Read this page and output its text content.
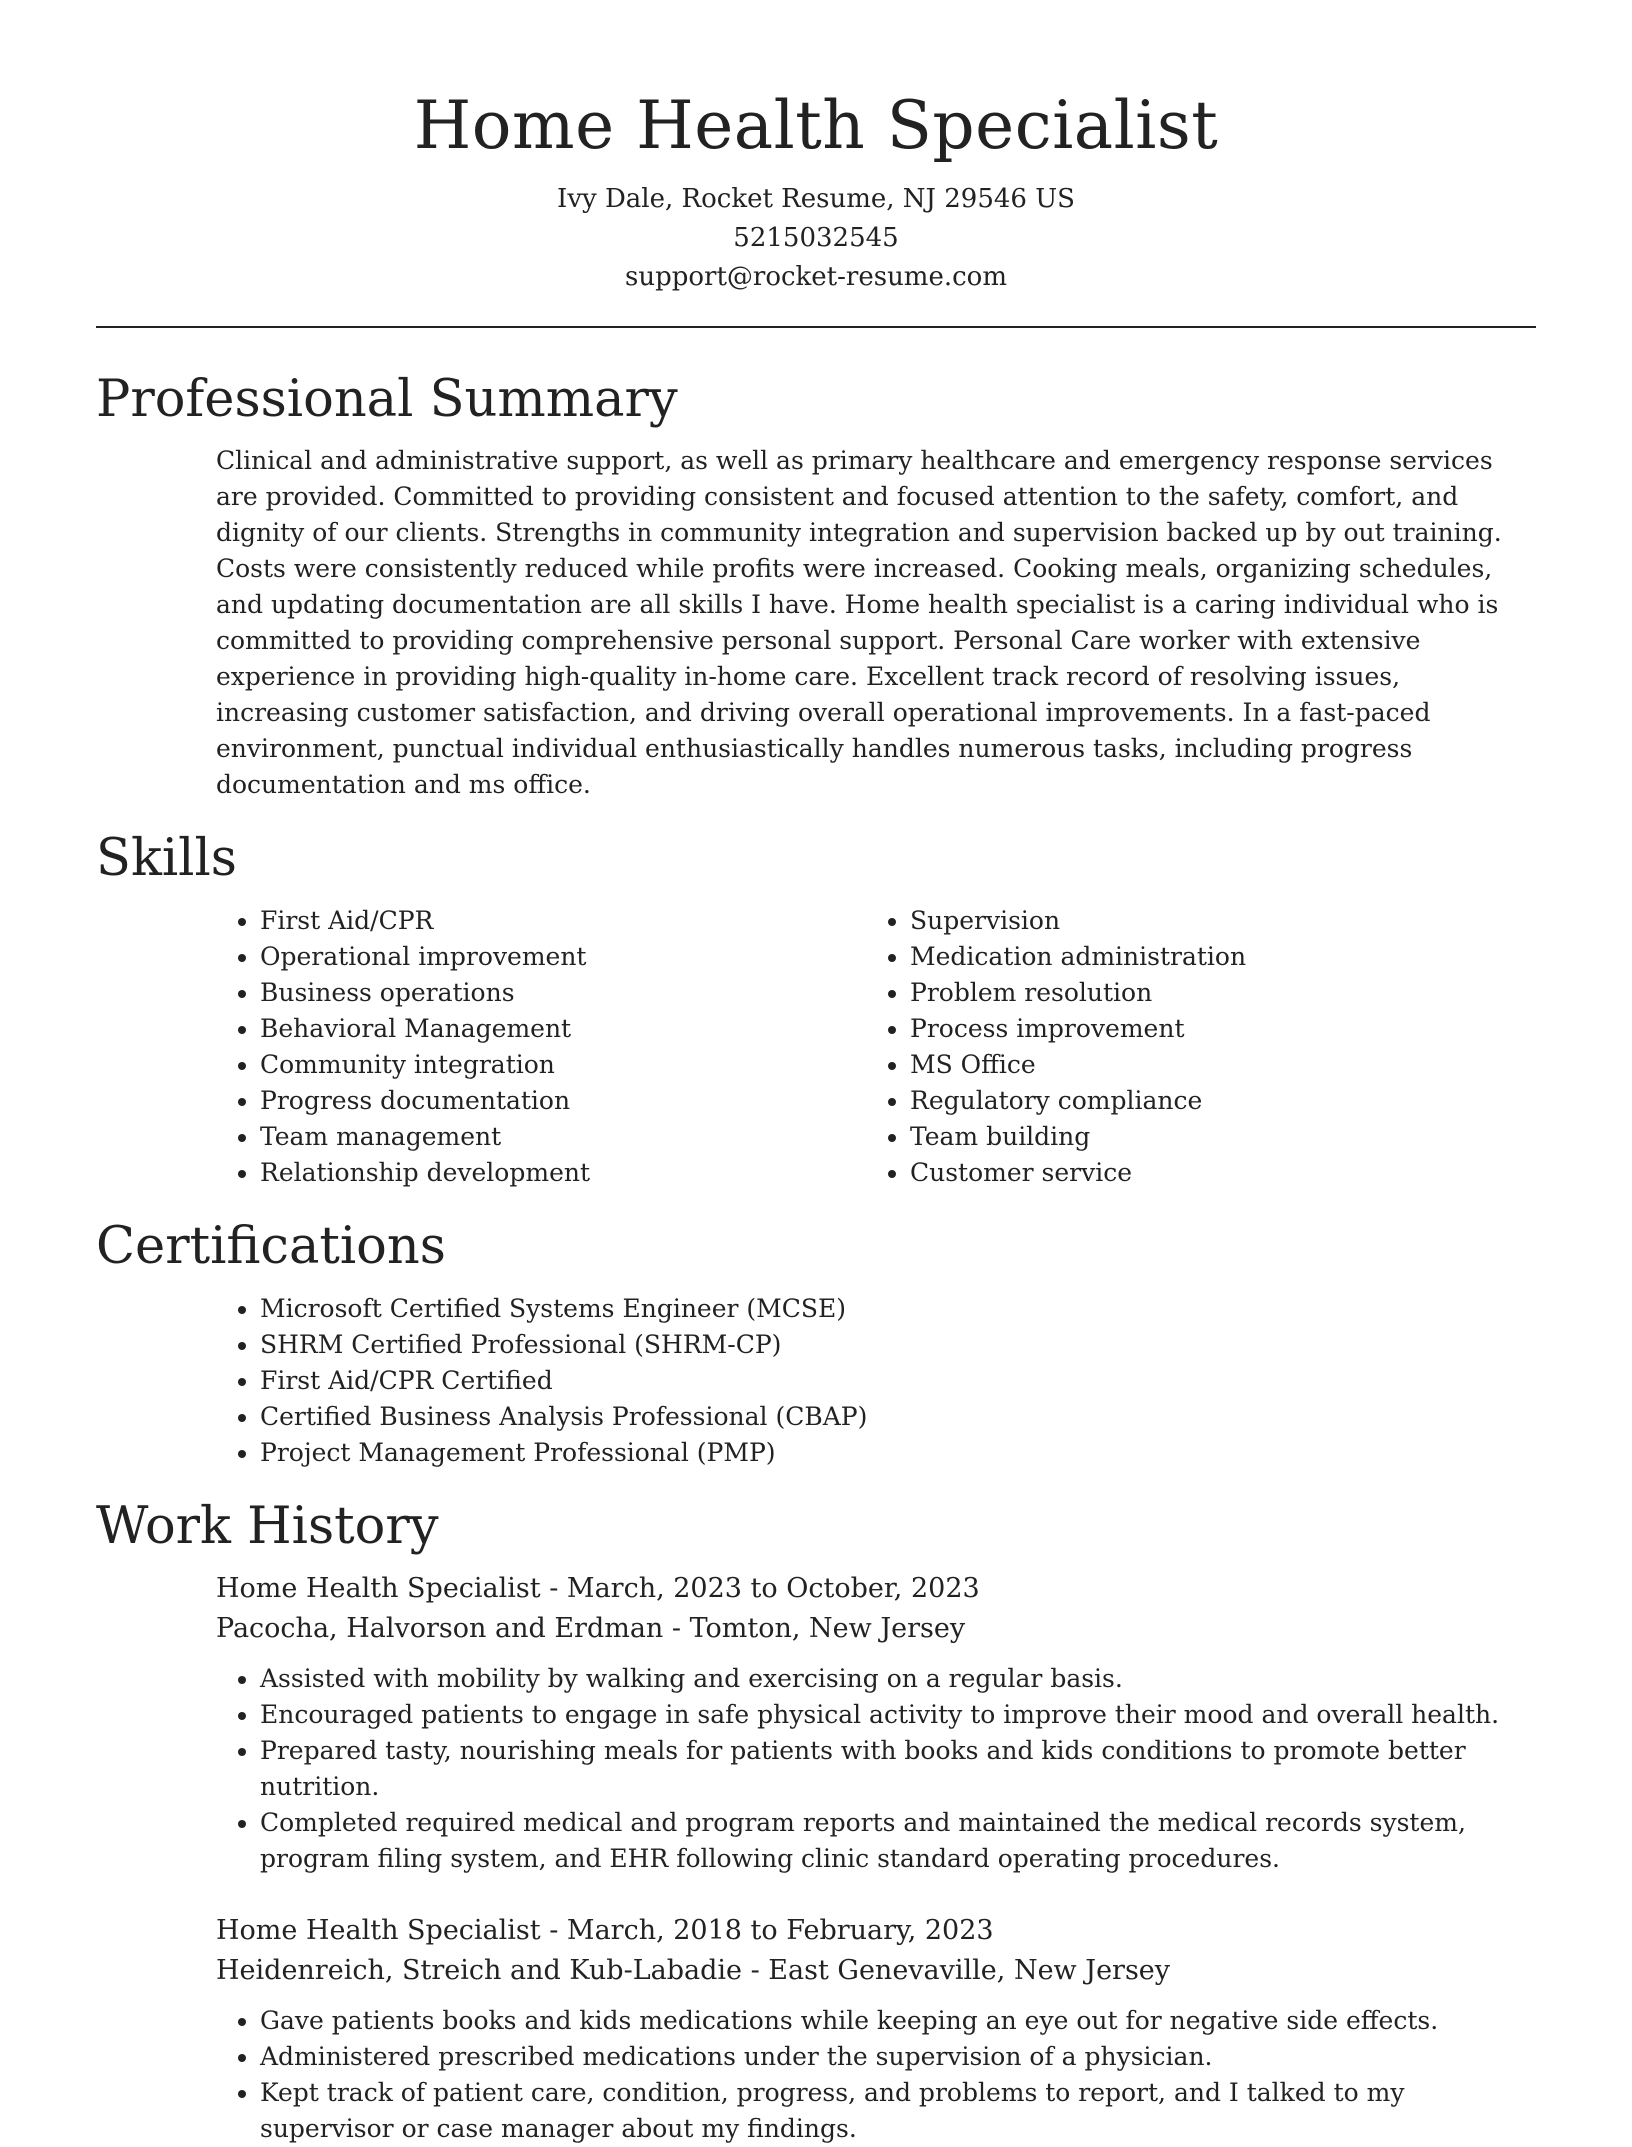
Home Health Specialist
Ivy Dale, Rocket Resume, NJ 29546 US
5215032545
support@rocket-resume.com
Professional Summary

Clinical and administrative support, as well as primary healthcare and emergency response services are provided. Committed to providing consistent and focused attention to the safety, comfort, and dignity of our clients. Strengths in community integration and supervision backed up by out training. Costs were consistently reduced while profits were increased. Cooking meals, organizing schedules, and updating documentation are all skills I have. Home health specialist is a caring individual who is committed to providing comprehensive personal support. Personal Care worker with extensive experience in providing high-quality in-home care. Excellent track record of resolving issues, increasing customer satisfaction, and driving overall operational improvements. In a fast-paced environment, punctual individual enthusiastically handles numerous tasks, including progress documentation and ms office.

Skills
• First Aid/CPR
• Operational improvement
• Business operations
• Behavioral Management
• Community integration
• Progress documentation
• Team management
• Relationship development
• Supervision
• Medication administration
• Problem resolution
• Process improvement
• MS Office
• Regulatory compliance
• Team building
• Customer service
Certifications
• Microsoft Certified Systems Engineer (MCSE)
• SHRM Certified Professional (SHRM-CP)
• First Aid/CPR Certified
• Certified Business Analysis Professional (CBAP)
• Project Management Professional (PMP)
Work History
Home Health Specialist - March, 2023 to October, 2023
Pacocha, Halvorson and Erdman - Tomton, New Jersey
• Assisted with mobility by walking and exercising on a regular basis.
• Encouraged patients to engage in safe physical activity to improve their mood and overall health.
• Prepared tasty, nourishing meals for patients with books and kids conditions to promote better nutrition.
• Completed required medical and program reports and maintained the medical records system, program filing system, and EHR following clinic standard operating procedures.
Home Health Specialist - March, 2018 to February, 2023
Heidenreich, Streich and Kub-Labadie - East Genevaville, New Jersey
• Gave patients books and kids medications while keeping an eye out for negative side effects.
• Administered prescribed medications under the supervision of a physician.
• Kept track of patient care, condition, progress, and problems to report, and I talked to my supervisor or case manager about my findings.
